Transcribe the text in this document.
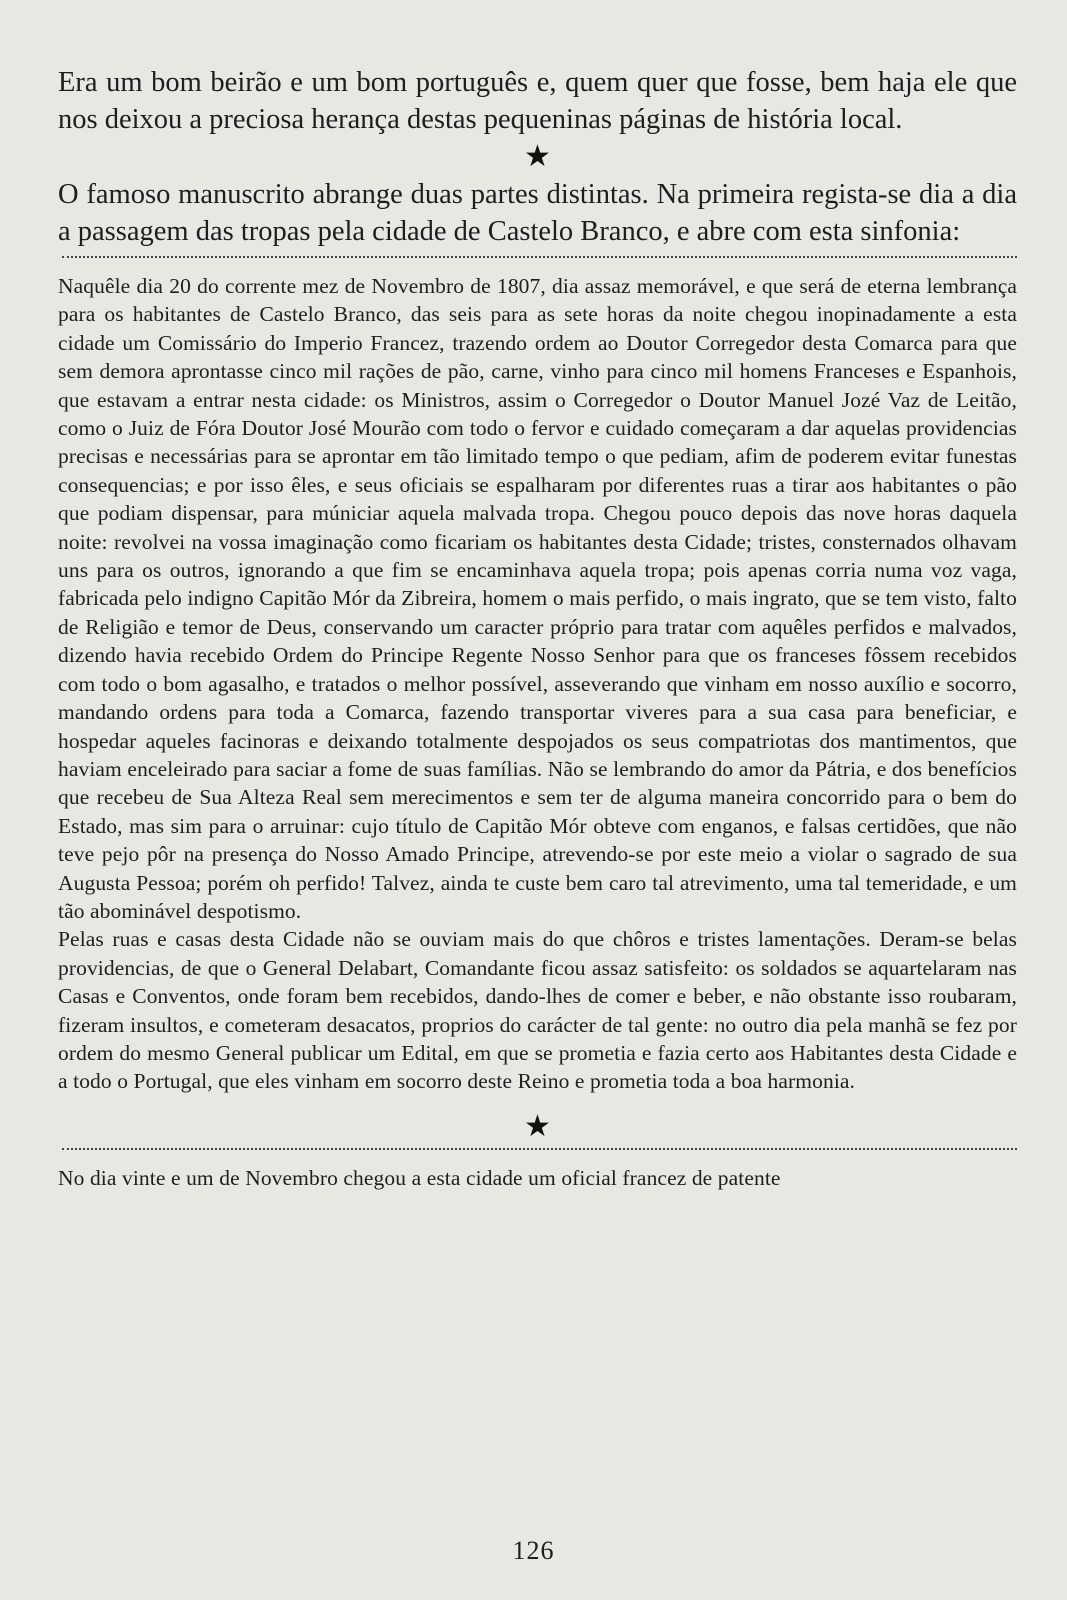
Era um bom beirão e um bom português e, quem quer que fosse, bem haja ele que nos deixou a preciosa herança destas pequeninas páginas de história local.

★

O famoso manuscrito abrange duas partes distintas. Na primeira regista-se dia a dia a passagem das tropas pela cidade de Castelo Branco, e abre com esta sinfonia:

Naquêle dia 20 do corrente mez de Novembro de 1807, dia assaz memorável, e que será de eterna lembrança para os habitantes de Castelo Branco, das seis para as sete horas da noite chegou inopinadamente a esta cidade um Comissário do Imperio Francez, trazendo ordem ao Doutor Corregedor desta Comarca para que sem demora aprontasse cinco mil rações de pão, carne, vinho para cinco mil homens Franceses e Espanhois, que estavam a entrar nesta cidade: os Ministros, assim o Corregedor o Doutor Manuel Jozé Vaz de Leitão, como o Juiz de Fóra Doutor José Mourão com todo o fervor e cuidado começaram a dar aquelas providencias precisas e necessárias para se aprontar em tão limitado tempo o que pediam, afim de poderem evitar funestas consequencias; e por isso êles, e seus oficiais se espalharam por diferentes ruas a tirar aos habitantes o pão que podiam dispensar, para múniciar aquela malvada tropa. Chegou pouco depois das nove horas daquela noite: revolvei na vossa imaginação como ficariam os habitantes desta Cidade; tristes, consternados olhavam uns para os outros, ignorando a que fim se encaminhava aquela tropa; pois apenas corria numa voz vaga, fabricada pelo indigno Capitão Mór da Zibreira, homem o mais perfido, o mais ingrato, que se tem visto, falto de Religião e temor de Deus, conservando um caracter próprio para tratar com aquêles perfidos e malvados, dizendo havia recebido Ordem do Principe Regente Nosso Senhor para que os franceses fôssem recebidos com todo o bom agasalho, e tratados o melhor possível, asseverando que vinham em nosso auxílio e socorro, mandando ordens para toda a Comarca, fazendo transportar viveres para a sua casa para beneficiar, e hospedar aqueles facinoras e deixando totalmente despojados os seus compatriotas dos mantimentos, que haviam enceleirado para saciar a fome de suas famílias. Não se lembrando do amor da Pátria, e dos benefícios que recebeu de Sua Alteza Real sem merecimentos e sem ter de alguma maneira concorrido para o bem do Estado, mas sim para o arruinar: cujo título de Capitão Mór obteve com enganos, e falsas certidões, que não teve pejo pôr na presença do Nosso Amado Principe, atrevendo-se por este meio a violar o sagrado de sua Augusta Pessoa; porém oh perfido! Talvez, ainda te custe bem caro tal atrevimento, uma tal temeridade, e um tão abominável despotismo.

Pelas ruas e casas desta Cidade não se ouviam mais do que chôros e tristes lamentações. Deram-se belas providencias, de que o General Delabart, Comandante ficou assaz satisfeito: os soldados se aquartelaram nas Casas e Conventos, onde foram bem recebidos, dando-lhes de comer e beber, e não obstante isso roubaram, fizeram insultos, e cometeram desacatos, proprios do carácter de tal gente: no outro dia pela manhã se fez por ordem do mesmo General publicar um Edital, em que se prometia e fazia certo aos Habitantes desta Cidade e a todo o Portugal, que eles vinham em socorro deste Reino e prometia toda a boa harmonia.

★

No dia vinte e um de Novembro chegou a esta cidade um oficial francez de patente

126
